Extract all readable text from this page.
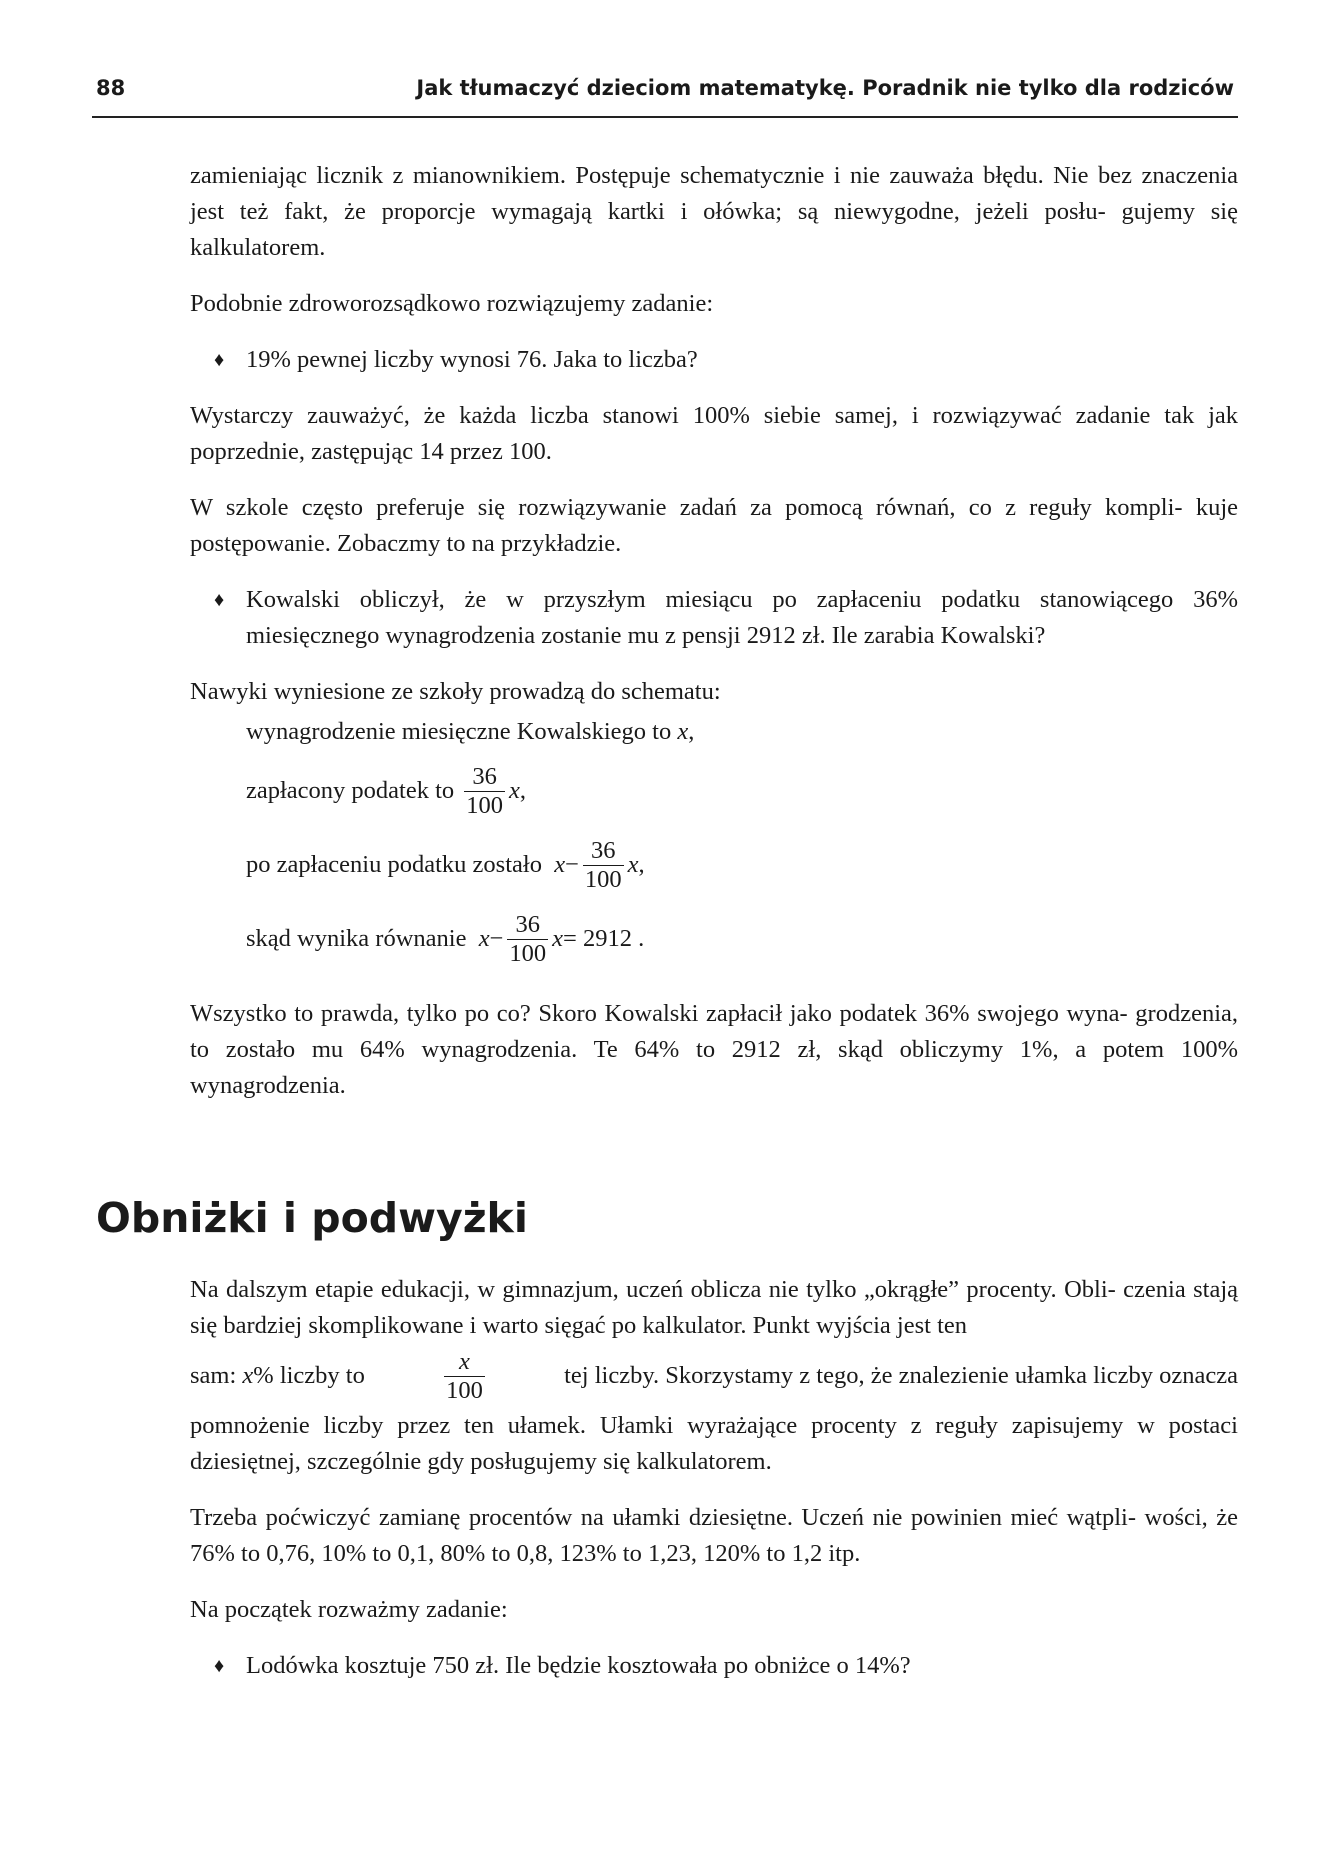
88	Jak tłumaczyć dzieciom matematykę. Poradnik nie tylko dla rodziców

zamieniając licznik z mianownikiem. Postępuje schematycznie i nie zauważa błędu. Nie bez znaczenia jest też fakt, że proporcje wymagają kartki i ołówka; są niewygodne, jeżeli posłu- gujemy się kalkulatorem.

Podobnie zdroworozsądkowo rozwiązujemy zadanie:

♦ 19% pewnej liczby wynosi 76. Jaka to liczba?

Wystarczy zauważyć, że każda liczba stanowi 100% siebie samej, i rozwiązywać zadanie tak jak poprzednie, zastępując 14 przez 100.

W szkole często preferuje się rozwiązywanie zadań za pomocą równań, co z reguły kompli- kuje postępowanie. Zobaczmy to na przykładzie.

♦ Kowalski obliczył, że w przyszłym miesiącu po zapłaceniu podatku stanowiącego 36% miesięcznego wynagrodzenia zostanie mu z pensji 2912 zł. Ile zarabia Kowalski?

Nawyki wyniesione ze szkoły prowadzą do schematu:

wynagrodzenie miesięczne Kowalskiego to
x ,
zapłacony podatek to
$\frac{36}{100}$ x ,
po zapłaceniu podatku zostało
$x - \frac{36}{100}$ x ,
skąd wynika równanie
$x - \frac{36}{100}$ x = 2912 .

Wszystko to prawda, tylko po co? Skoro Kowalski zapłacił jako podatek 36% swojego wyna- grodzenia, to zostało mu 64% wynagrodzenia. Te 64% to 2912 zł, skąd obliczymy 1%, a potem 100% wynagrodzenia.

Obniżki i podwyżki

Na dalszym etapie edukacji, w gimnazjum, uczeń oblicza nie tylko „okrągłe” procenty. Obli- czenia stają się bardziej skomplikowane i warto sięgać po kalkulator. Punkt wyjścia jest ten

sam: x% liczby to	$\frac{x}{100}$	tej liczby. Skorzystamy z tego, że znalezienie ułamka liczby oznacza

pomnożenie liczby przez ten ułamek. Ułamki wyrażające procenty z reguły zapisujemy w postaci dziesiętnej, szczególnie gdy posługujemy się kalkulatorem.

Trzeba poćwiczyć zamianę procentów na ułamki dziesiętne. Uczeń nie powinien mieć wątpli- wości, że 76% to 0,76, 10% to 0,1, 80% to 0,8, 123% to 1,23, 120% to 1,2 itp.

Na początek rozważmy zadanie:

♦ Lodówka kosztuje 750 zł. Ile będzie kosztowała po obniżce o 14%?
